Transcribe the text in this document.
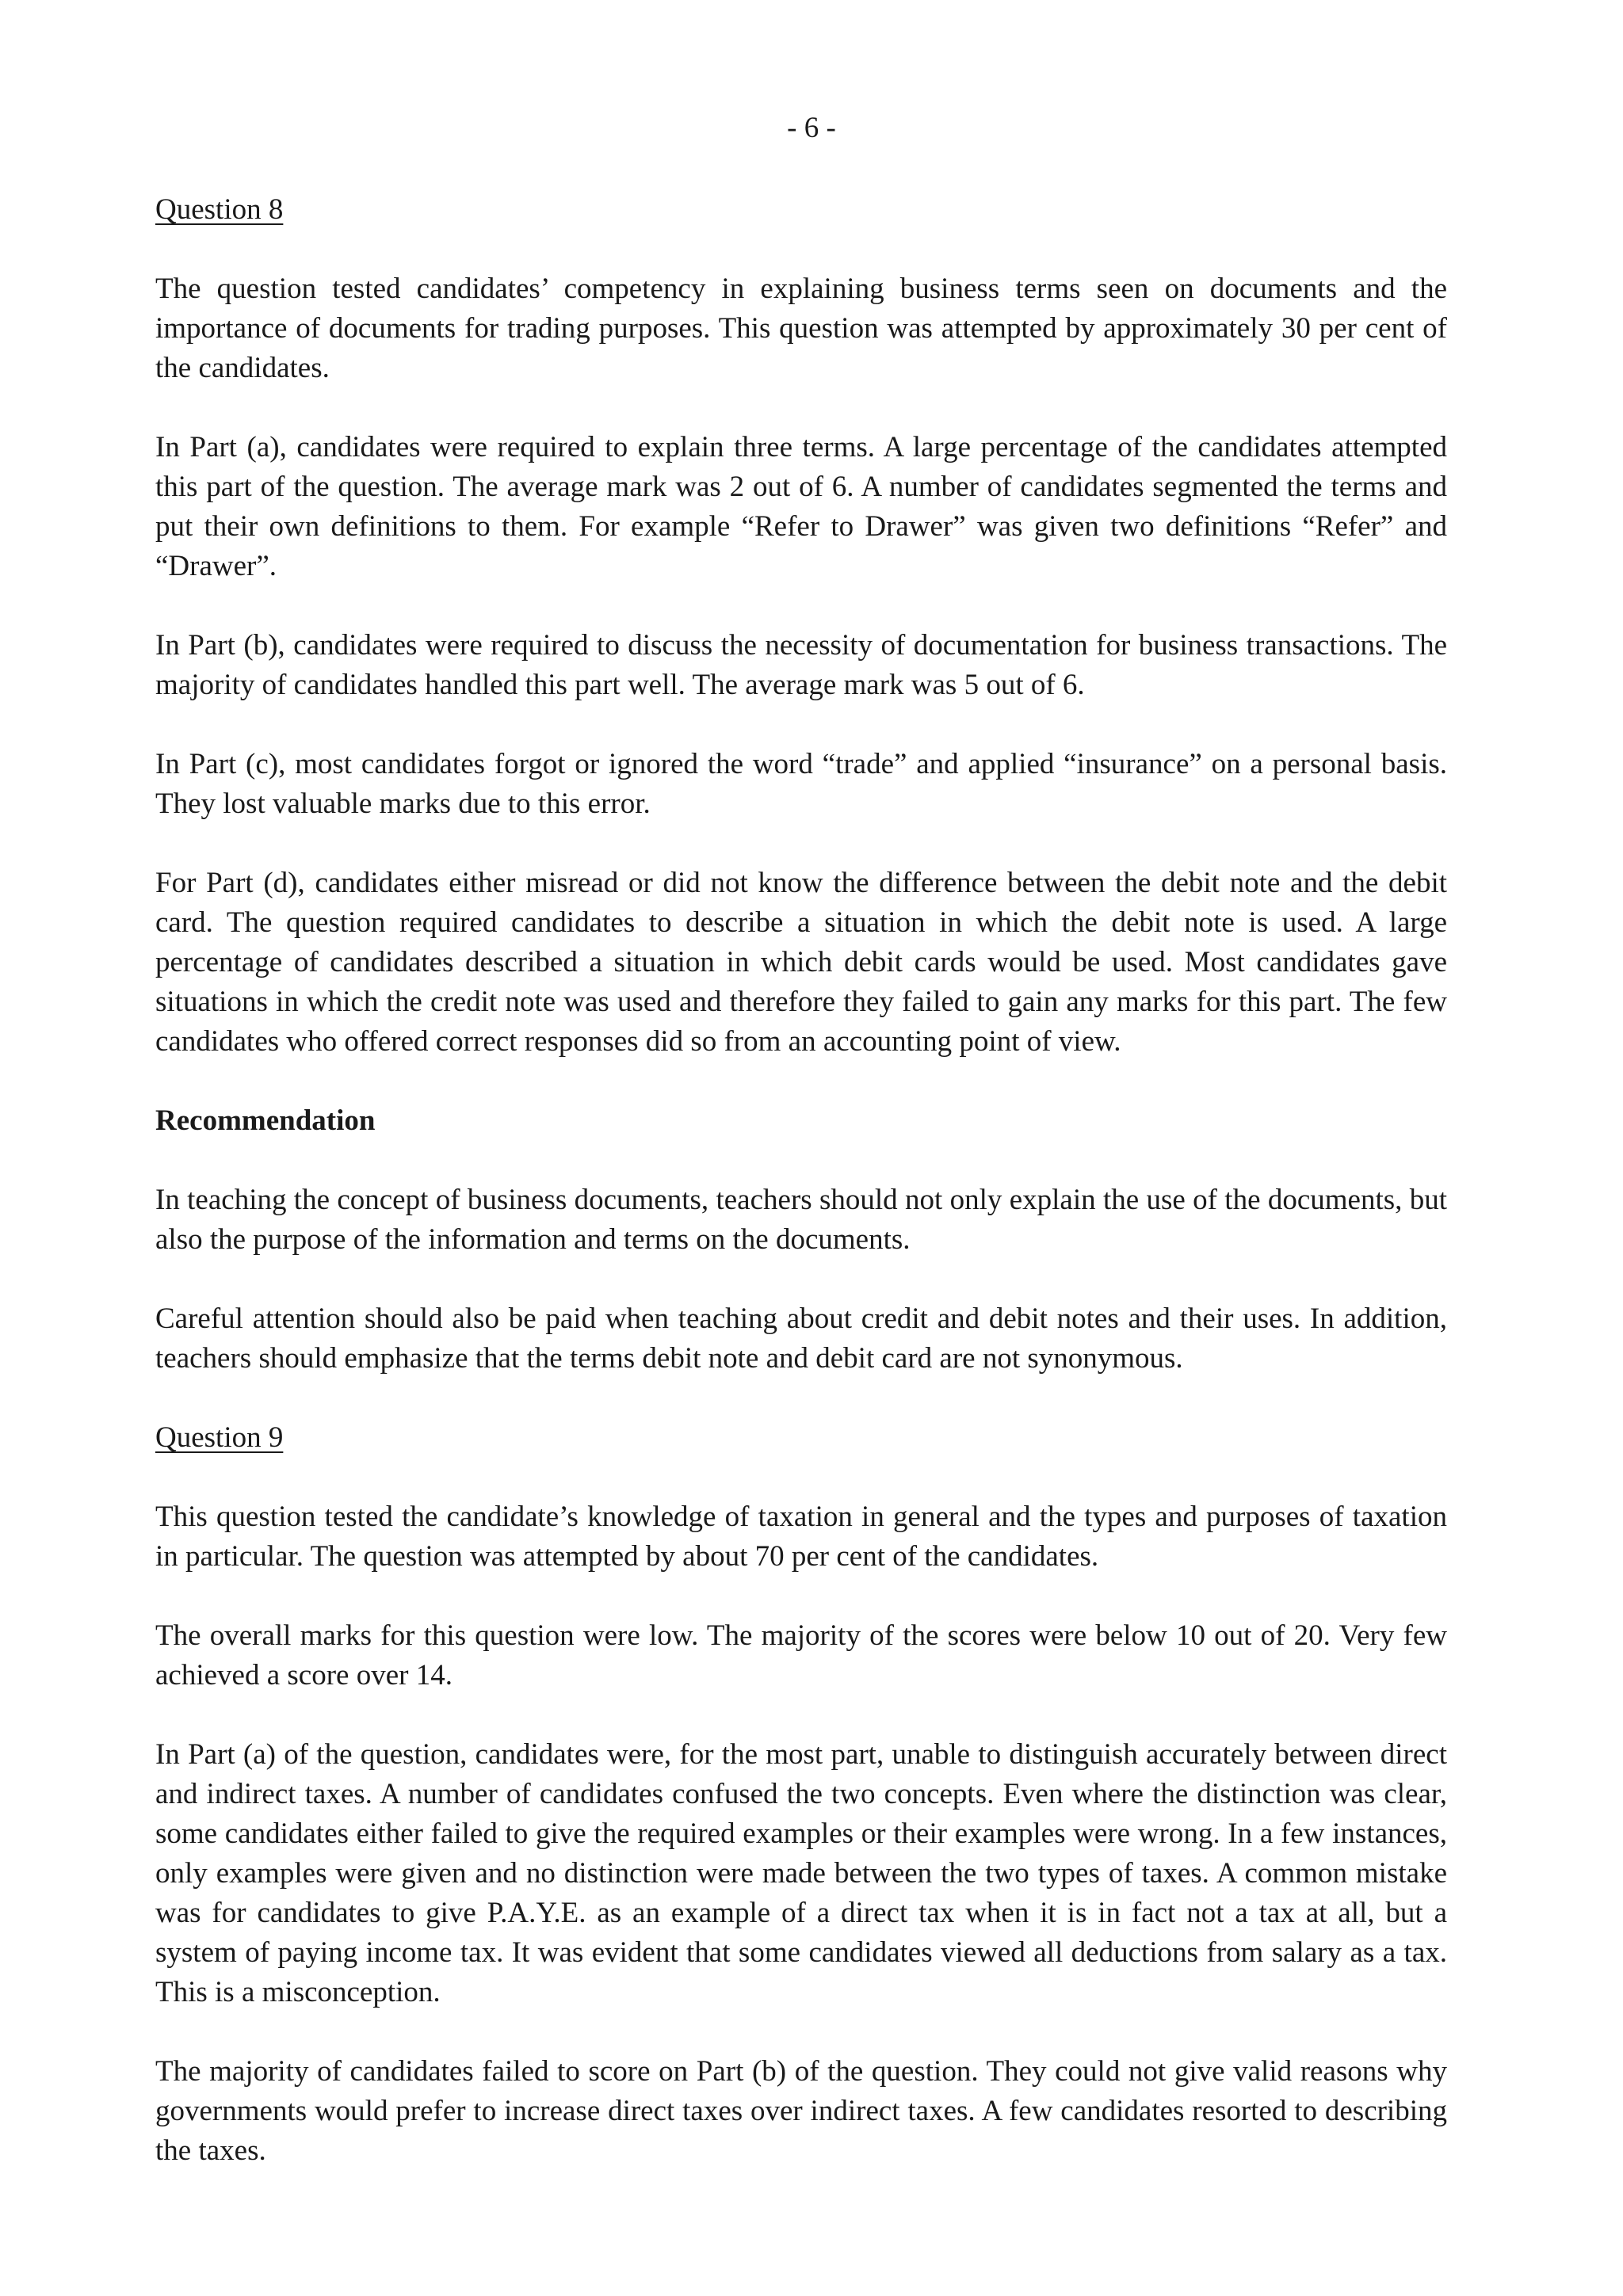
- 6 -
Question 8

The question tested candidates’ competency in explaining business terms seen on documents and the importance of documents for trading purposes. This question was attempted by approximately 30 per cent of the candidates.

In Part (a), candidates were required to explain three terms. A large percentage of the candidates attempted this part of the question. The average mark was 2 out of 6. A number of candidates segmented the terms and put their own definitions to them. For example “Refer to Drawer” was given two definitions “Refer” and “Drawer”.

In Part (b), candidates were required to discuss the necessity of documentation for business transactions. The majority of candidates handled this part well. The average mark was 5 out of 6.

In Part (c), most candidates forgot or ignored the word “trade” and applied “insurance” on a personal basis. They lost valuable marks due to this error.

For Part (d), candidates either misread or did not know the difference between the debit note and the debit card. The question required candidates to describe a situation in which the debit note is used. A large percentage of candidates described a situation in which debit cards would be used. Most candidates gave situations in which the credit note was used and therefore they failed to gain any marks for this part. The few candidates who offered correct responses did so from an accounting point of view.

Recommendation

In teaching the concept of business documents, teachers should not only explain the use of the documents, but also the purpose of the information and terms on the documents.

Careful attention should also be paid when teaching about credit and debit notes and their uses. In addition, teachers should emphasize that the terms debit note and debit card are not synonymous.

Question 9

This question tested the candidate’s knowledge of taxation in general and the types and purposes of taxation in particular. The question was attempted by about 70 per cent of the candidates.

The overall marks for this question were low. The majority of the scores were below 10 out of 20. Very few achieved a score over 14.

In Part (a) of the question, candidates were, for the most part, unable to distinguish accurately between direct and indirect taxes. A number of candidates confused the two concepts. Even where the distinction was clear, some candidates either failed to give the required examples or their examples were wrong. In a few instances, only examples were given and no distinction were made between the two types of taxes. A common mistake was for candidates to give P.A.Y.E. as an example of a direct tax when it is in fact not a tax at all, but a system of paying income tax. It was evident that some candidates viewed all deductions from salary as a tax. This is a misconception.

The majority of candidates failed to score on Part (b) of the question. They could not give valid reasons why governments would prefer to increase direct taxes over indirect taxes. A few candidates resorted to describing the taxes.
